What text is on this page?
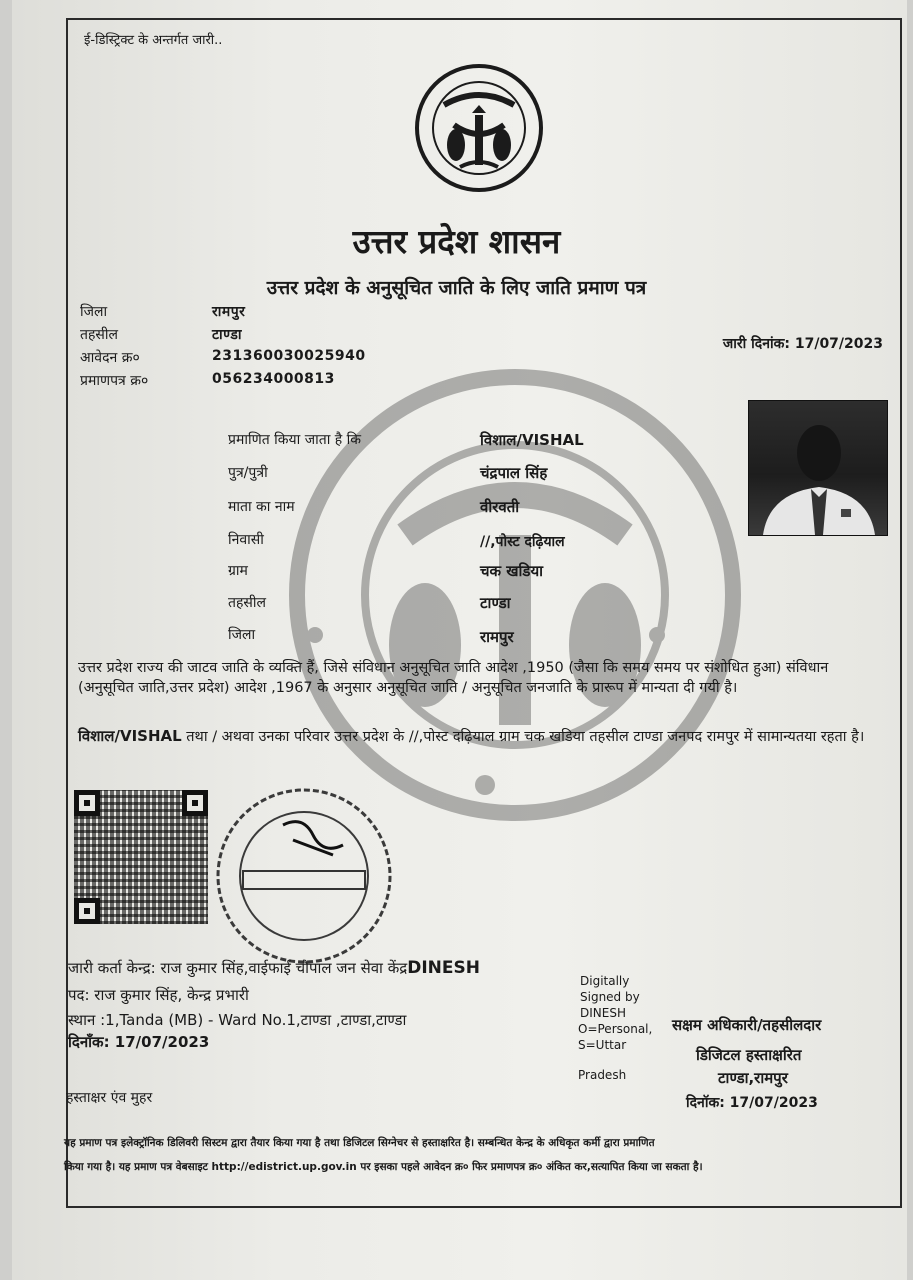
ई-डिस्ट्रिक्ट के अन्तर्गत जारी..
उत्तर प्रदेश शासन
उत्तर प्रदेश के अनुसूचित जाति के लिए जाति प्रमाण पत्र
जिला	रामपुर
तहसील	टाण्डा
आवेदन क्र०	23136003002594​0
प्रमाणपत्र क्र०	056234000813
जारी दिनांक: 17/07/2023
प्रमाणित किया जाता है कि	विशाल/VISHAL
पुत्र/पुत्री	चंद्रपाल सिंह
माता का नाम	वीरवती
निवासी	//,पोस्ट दढ़ियाल
ग्राम	चक खडिया
तहसील	टाण्डा
जिला	रामपुर
उत्तर प्रदेश राज्य की जाटव जाति के व्यक्ति हैं, जिसे संविधान अनुसूचित जाति आदेश ,1950 (जैसा कि समय समय पर संशोधित हुआ) संविधान (अनुसूचित जाति,उत्तर प्रदेश) आदेश ,1967 के अनुसार अनुसूचित जाति / अनुसूचित जनजाति के प्रारूप में मान्यता दी गयी है।
विशाल/VISHAL तथा / अथवा उनका परिवार उत्तर प्रदेश के //,पोस्ट दढ़ियाल ग्राम चक खडिया तहसील टाण्डा जनपद रामपुर में सामान्यतया रहता है।
जारी कर्ता केन्द्र: राज कुमार सिंह,वाईफाई चौपाल जन सेवा केंद्रDINESH
पद: राज कुमार सिंह, केन्द्र प्रभारी
स्थान :1,Tanda (MB) - Ward No.1,टाण्डा ,टाण्डा,टाण्डा
दिनाँक: 17/07/2023
हस्ताक्षर एंव मुहर
Digitally
Signed by
DINESH
O=Personal,
S=Uttar
Pradesh
सक्षम अधिकारी/तहसीलदार
डिजिटल हस्ताक्षरित
टाण्डा,रामपुर
दिनॉक: 17/07/2023
यह प्रमाण पत्र इलेक्ट्रॉनिक डिलिवरी सिस्टम द्वारा तैयार किया गया है तथा डिजिटल सिग्नेचर से हस्ताक्षरित है। सम्बन्धित केन्द्र के अधिकृत कर्मी द्वारा प्रमाणित
किया गया है। यह प्रमाण पत्र वेबसाइट http://edistrict.up.gov.in पर इसका पहले आवेदन क्र० फिर प्रमाणपत्र क्र० अंकित कर,सत्यापित किया जा सकता है।
